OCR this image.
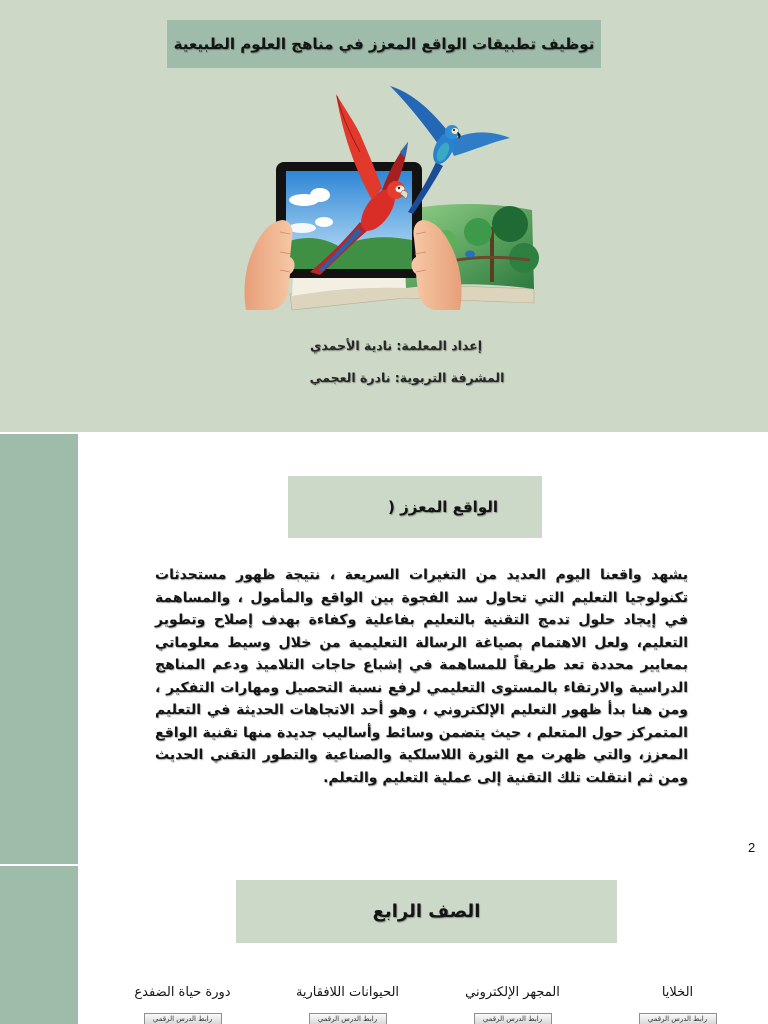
توظيف تطبيقات الواقع المعزز في مناهج العلوم الطبيعية
إعداد المعلمة: نادية الأحمدي
المشرفة التربوية: نادرة العجمي
الواقع المعزز (

يشهد واقعنا اليوم العديد من التغيرات السريعة ، نتيجة ظهور مستحدثات تكنولوجيا التعليم التي تحاول سد الفجوة بين الواقع والمأمول ، والمساهمة في إيجاد حلول تدمج التقنية بالتعليم بفاعلية وكفاءة بهدف إصلاح وتطوير التعليم، ولعل الاهتمام بصياغة الرسالة التعليمية من خلال وسيط معلوماتي بمعايير محددة تعد طريقاً للمساهمة في إشباع حاجات التلاميذ ودعم المناهج الدراسية والارتقاء بالمستوى التعليمي لرفع نسبة التحصيل ومهارات التفكير ، ومن هنا بدأ ظهور التعليم الإلكتروني ، وهو أحد الاتجاهات الحديثة في التعليم المتمركز حول المتعلم ، حيث يتضمن وسائط وأساليب جديدة منها تقنية الواقع المعزز، والتي ظهرت مع الثورة اللاسلكية والصناعية والتطور التقني الحديث ومن ثم انتقلت تلك التقنية إلى عملية التعليم والتعلم.

2
الصف الرابع
الخلايا
رابط الدرس الرقمي
المجهر الإلكتروني
رابط الدرس الرقمي
الحيوانات اللافقارية
رابط الدرس الرقمي
دورة حياة الضفدع
رابط الدرس الرقمي
